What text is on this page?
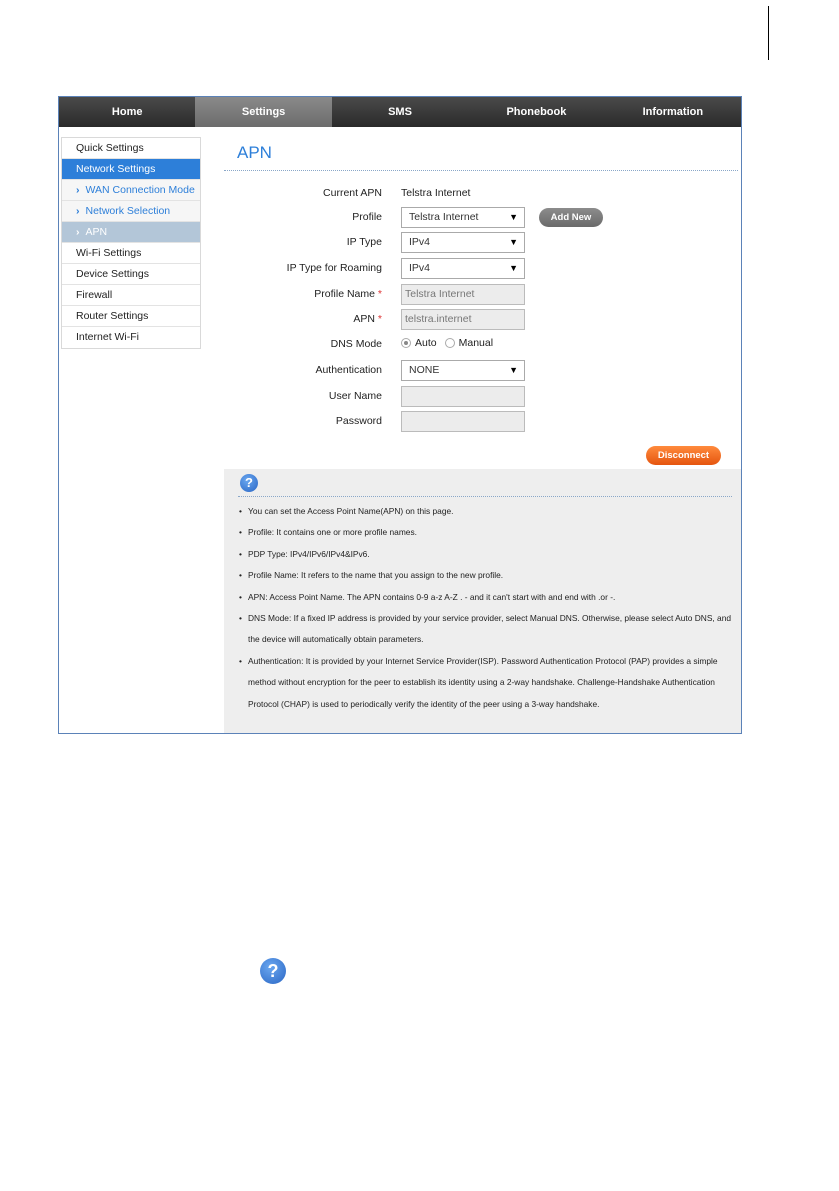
Home	Settings	SMS	Phonebook	Information
Quick Settings
Network Settings
› WAN Connection Mode
› Network Selection
› APN
Wi-Fi Settings
Device Settings
Firewall
Router Settings
Internet Wi-Fi
APN
Current APN Telstra Internet
Profile	Telstra Internet	▼	Add New
IP Type	IPv4	▼
IP Type for Roaming	IPv4	▼
Profile Name *	Telstra Internet
APN *	telstra.internet
DNS Mode	Auto Manual
Authentication	NONE	▼
User Name
Password
Disconnect
?
• You can set the Access Point Name(APN) on this page.
• Profile: It contains one or more profile names.
• PDP Type: IPv4/IPv6/IPv4&IPv6.
• Profile Name: It refers to the name that you assign to the new profile.
• APN: Access Point Name. The APN contains 0-9 a-z A-Z . - and it can't start with and end with .or -.
• DNS Mode: If a fixed IP address is provided by your service provider, select Manual DNS. Otherwise, please select Auto DNS, and the device will automatically obtain parameters.
• Authentication: It is provided by your Internet Service Provider(ISP). Password Authentication Protocol (PAP) provides a simple method without encryption for the peer to establish its identity using a 2-way handshake. Challenge-Handshake Authentication Protocol (CHAP) is used to periodically verify the identity of the peer using a 3-way handshake.
?
